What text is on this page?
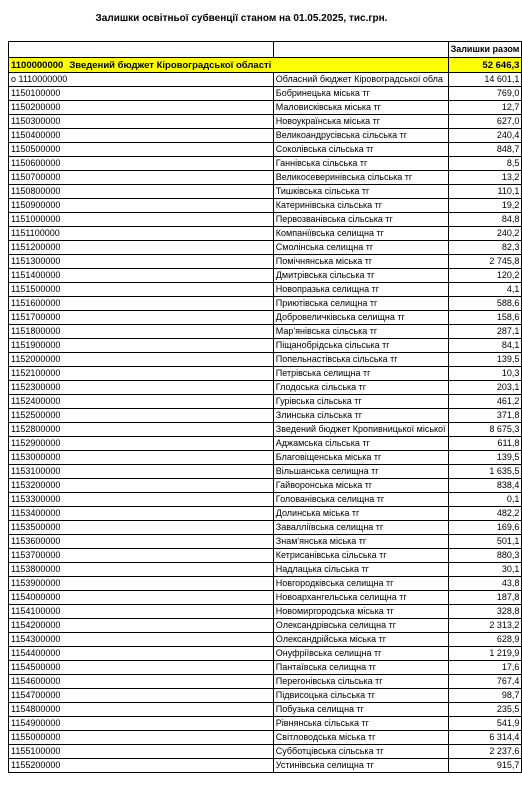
Залишки освітньої субвенції станом на 01.05.2025, тис.грн.
		Залишки разом
1100000000 Зведений бюджет Кіровоградської області		52 646,3
о 1110000000	Обласний бюджет Кіровоградської обла	14 601,1
1150100000	Бобринецька міська тг	769,0
1150200000	Маловисківська міська тг	12,7
1150300000	Новоукраїнська міська тг	627,0
1150400000	Великоандрусівська сільська тг	240,4
1150500000	Соколівська сільська тг	848,7
1150600000	Ганнівська сільська тг	8,5
1150700000	Великосеверинівська сільська тг	13,2
1150800000	Тишківська сільська тг	110,1
1150900000	Катеринівська сільська тг	19,2
1151000000	Первозванівська сільська тг	84,8
1151100000	Компаніївська селищна тг	240,2
1151200000	Смолінська селищна тг	82,3
1151300000	Помічнянська міська тг	2 745,8
1151400000	Дмитрівська сільська тг	120,2
1151500000	Новопразька селищна тг	4,1
1151600000	Приютівська селищна тг	588,6
1151700000	Добровеличківська селищна тг	158,6
1151800000	Мар'янівська сільська тг	287,1
1151900000	Піщанобрідська сільська тг	84,1
1152000000	Попельнастівська сільська тг	139,5
1152100000	Петрівська селищна тг	10,3
1152300000	Глодоська сільська тг	203,1
1152400000	Гурівська сільська тг	461,2
1152500000	Злинська сільська тг	371,8
1152800000	Зведений бюджет Кропивницької міської	8 675,3
1152900000	Аджамська сільська тг	611,8
1153000000	Благовіщенська міська тг	139,5
1153100000	Вільшанська селищна тг	1 635,5
1153200000	Гайворонська міська тг	838,4
1153300000	Голованівська селищна тг	0,1
1153400000	Долинська міська тг	482,2
1153500000	Завалліївська селищна тг	169,6
1153600000	Знам'янська міська тг	501,1
1153700000	Кетрисанівська сільська тг	880,3
1153800000	Надлацька сільська тг	30,1
1153900000	Новгородківська селищна тг	43,8
1154000000	Новоархангельська селищна тг	187,8
1154100000	Новомиргородська міська тг	328,8
1154200000	Олександрівська селищна тг	2 313,2
1154300000	Олександрійська міська тг	628,9
1154400000	Онуфріївська селищна тг	1 219,9
1154500000	Пантаївська селищна тг	17,6
1154600000	Перегонівська сільська тг	767,4
1154700000	Підвисоцька сільська тг	98,7
1154800000	Побузька селищна тг	235,5
1154900000	Рівнянська сільська тг	541,9
1155000000	Світловодська міська тг	6 314,4
1155100000	Субботцівська сільська тг	2 237,6
1155200000	Устинівська селищна тг	915,7
